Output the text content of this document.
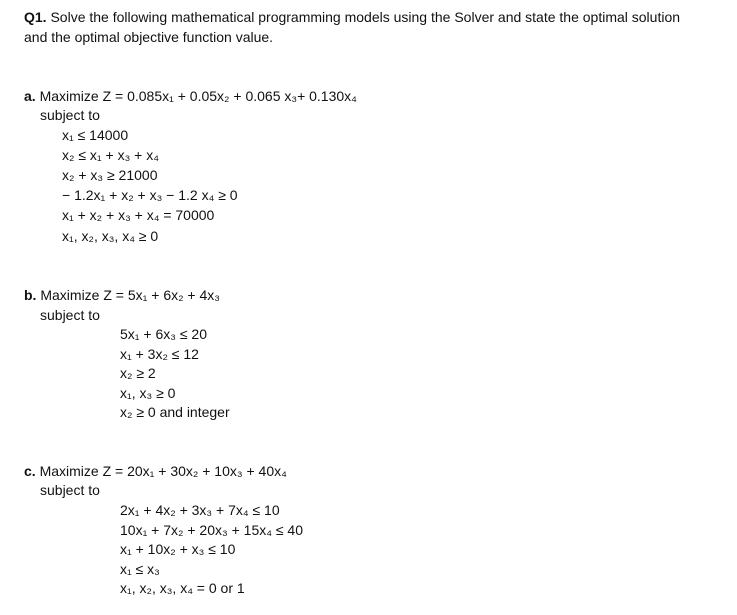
Q1. Solve the following mathematical programming models using the Solver and state the optimal solution
and the optimal objective function value.
a. Maximize Z = 0.085x₁ + 0.05x₂ + 0.065 x₃+ 0.130x₄
subject to
x₁ ≤ 14000
x₂ ≤ x₁ + x₃ + x₄
x₂ + x₃ ≥ 21000
− 1.2x₁ + x₂ + x₃ − 1.2 x₄ ≥ 0
x₁ + x₂ + x₃ + x₄ = 70000
x₁, x₂, x₃, x₄ ≥ 0
b. Maximize Z = 5x₁ + 6x₂ + 4x₃
subject to
5x₁ + 6x₃ ≤ 20
x₁ + 3x₂ ≤ 12
x₂ ≥ 2
x₁, x₃ ≥ 0
x₂ ≥ 0 and integer
c. Maximize Z = 20x₁ + 30x₂ + 10x₃ + 40x₄
subject to
2x₁ + 4x₂ + 3x₃ + 7x₄ ≤ 10
10x₁ + 7x₂ + 20x₃ + 15x₄ ≤ 40
x₁ + 10x₂ + x₃ ≤ 10
x₁ ≤ x₃
x₁, x₂, x₃, x₄ = 0 or 1
